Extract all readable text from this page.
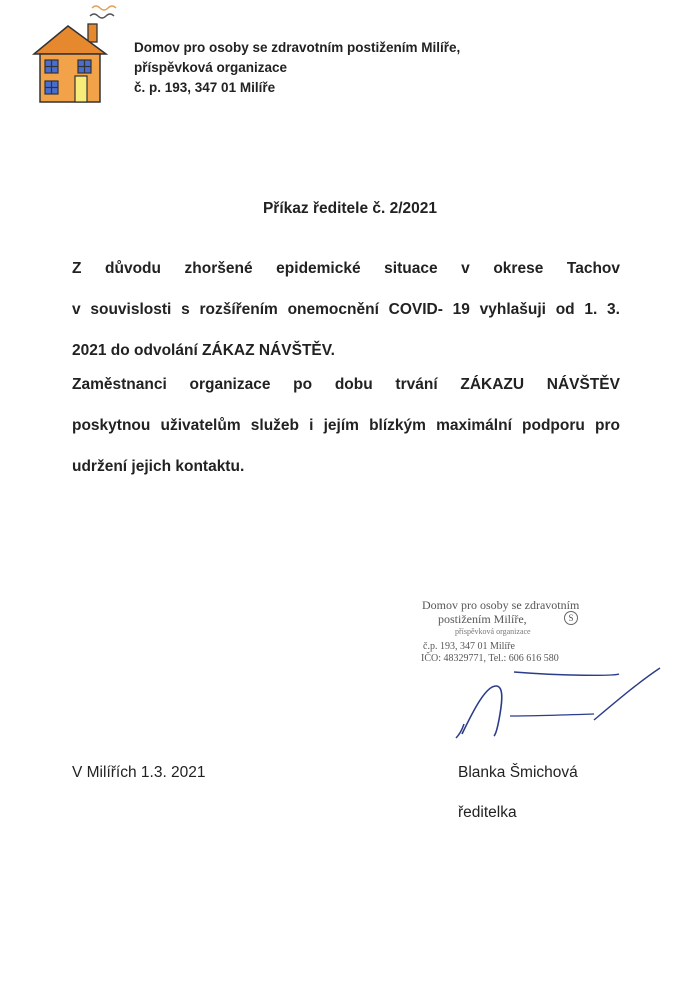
Domov pro osoby se zdravotním postižením Milíře,
příspěvková organizace
č. p. 193, 347 01 Milíře
Příkaz ředitele č. 2/2021
Z důvodu zhoršené epidemické situace v okrese Tachov
v souvislosti s rozšířením onemocnění COVID- 19 vyhlašuji od 1. 3.
2021 do odvolání ZÁKAZ NÁVŠTĚV.
Zaměstnanci organizace po dobu trvání ZÁKAZU NÁVŠTĚV
poskytnou uživatelům služeb i jejím blízkým maximální podporu pro
udržení jejich kontaktu.
Domov pro osoby se zdravotním
postižením Milíře,	S
příspěvková organizace
č.p. 193, 347 01 Milíře
IČO: 48329771, Tel.: 606 616 580
V Milířích 1.3. 2021	Blanka Šmichová
ředitelka
